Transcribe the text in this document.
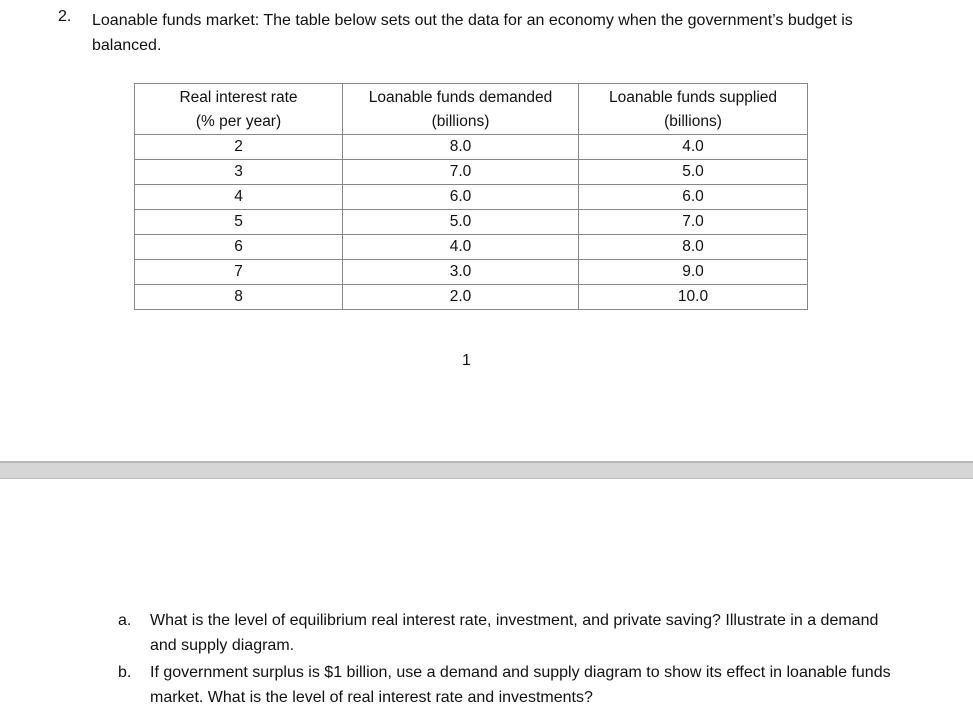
2. Loanable funds market: The table below sets out the data for an economy when the government’s budget is balanced.
Real interest rate	Loanable funds demanded	Loanable funds supplied
(% per year)	(billions)	(billions)
2	8.0	4.0
3	7.0	5.0
4	6.0	6.0
5	5.0	7.0
6	4.0	8.0
7	3.0	9.0
8	2.0	10.0
1
a. What is the level of equilibrium real interest rate, investment, and private saving? Illustrate in a demand and supply diagram.
b. If government surplus is $1 billion, use a demand and supply diagram to show its effect in loanable funds market. What is the level of real interest rate and investments?
